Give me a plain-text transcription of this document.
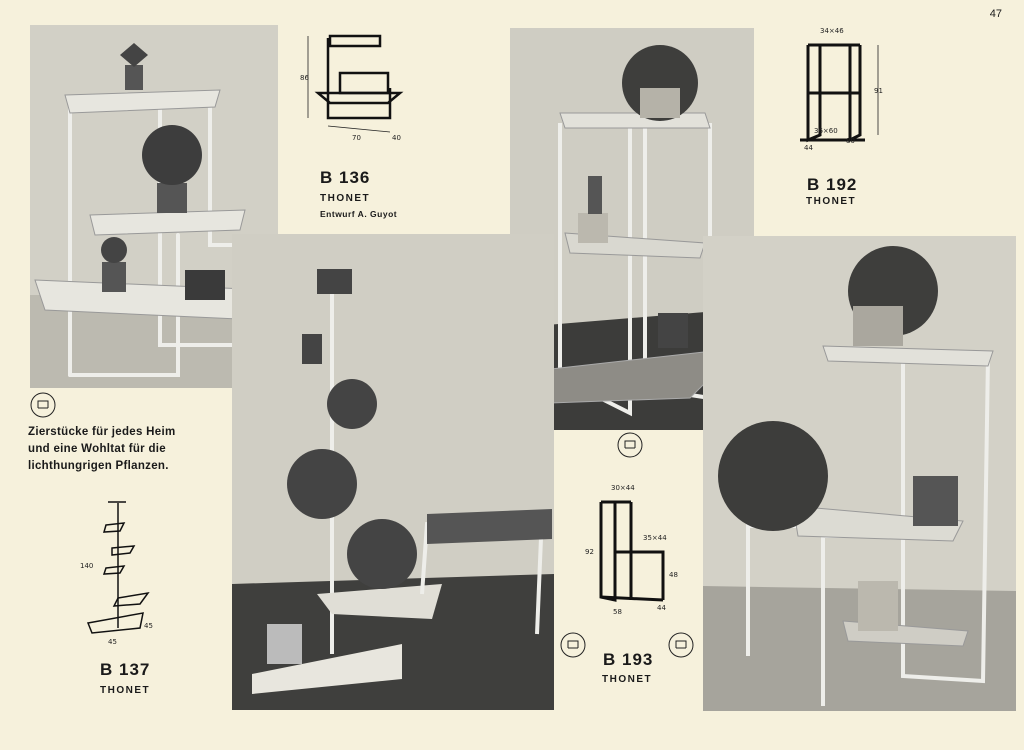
47
86
70	40
B 136
THONET
Entwurf A. Guyot
34×46
91
36×60
44
80
B 192
THONET
Zierstücke für jedes Heim
und eine Wohltat für die
lichthungrigen Pflanzen.
140
45
45
B 137
THONET
30×44
35×44
92
48
58	44
B 193
THONET
